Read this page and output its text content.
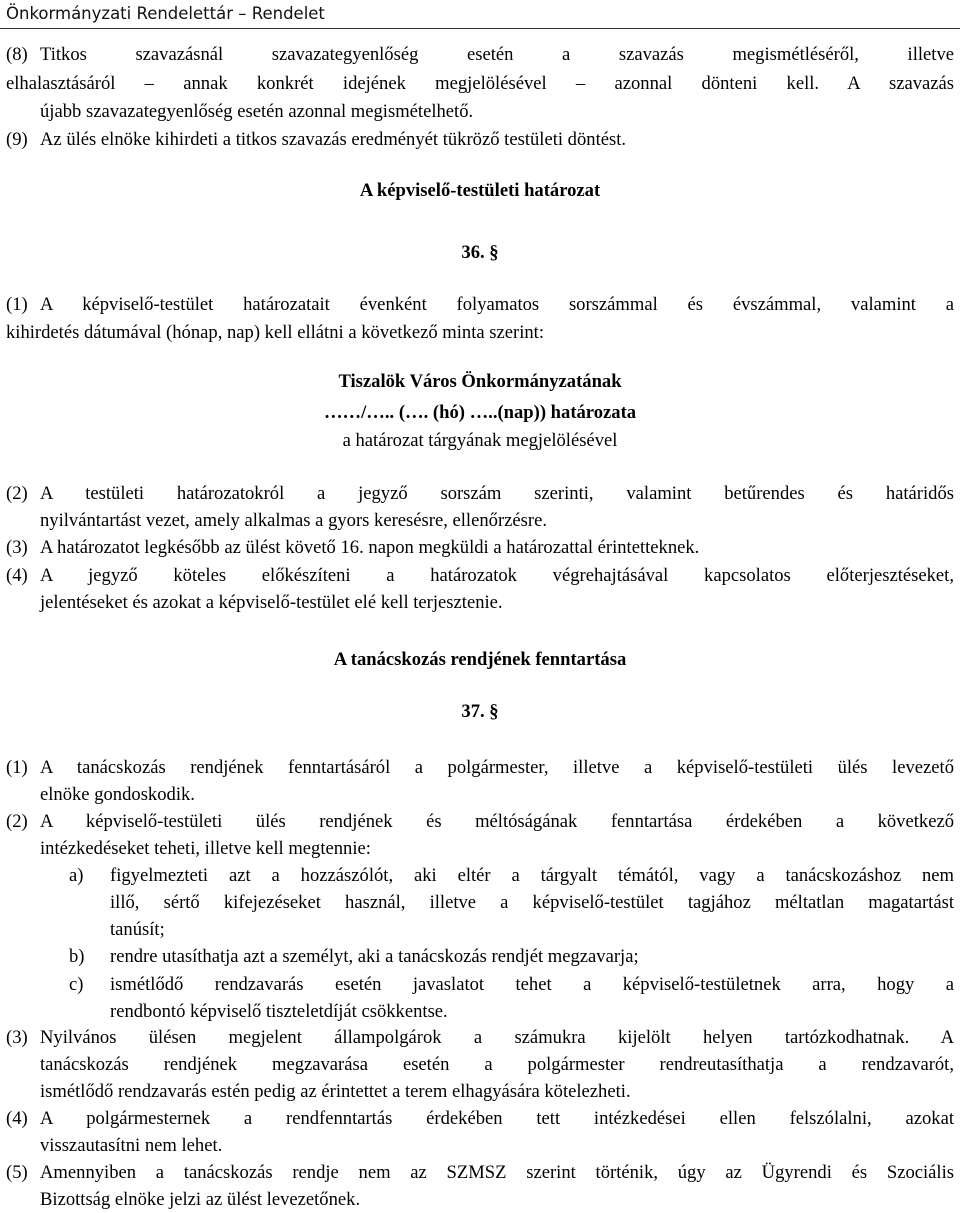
Önkormányzati Rendelettár – Rendelet
(8) Titkos szavazásnál szavazategyenlőség esetén a szavazás megismétléséről, illetve
elhalasztásáról – annak konkrét idejének megjelölésével – azonnal dönteni kell. A szavazás
újabb szavazategyenlőség esetén azonnal megismételhető.
(9) Az ülés elnöke kihirdeti a titkos szavazás eredményét tükröző testületi döntést.
A képviselő-testületi határozat
36. §
(1) A képviselő-testület határozatait évenként folyamatos sorszámmal és évszámmal, valamint a
kihirdetés dátumával (hónap, nap) kell ellátni a következő minta szerint:
Tiszalök Város Önkormányzatának
……/….. (…. (hó) …..(nap)) határozata
a határozat tárgyának megjelölésével
(2) A testületi határozatokról a jegyző sorszám szerinti, valamint betűrendes és határidős
nyilvántartást vezet, amely alkalmas a gyors keresésre, ellenőrzésre.
(3) A határozatot legkésőbb az ülést követő 16. napon megküldi a határozattal érintetteknek.
(4) A jegyző köteles előkészíteni a határozatok végrehajtásával kapcsolatos előterjesztéseket,
jelentéseket és azokat a képviselő-testület elé kell terjesztenie.
A tanácskozás rendjének fenntartása
37. §
(1) A tanácskozás rendjének fenntartásáról a polgármester, illetve a képviselő-testületi ülés levezető
elnöke gondoskodik.
(2) A képviselő-testületi ülés rendjének és méltóságának fenntartása érdekében a következő
intézkedéseket teheti, illetve kell megtennie:
a) figyelmezteti azt a hozzászólót, aki eltér a tárgyalt témától, vagy a tanácskozáshoz nem
illő, sértő kifejezéseket használ, illetve a képviselő-testület tagjához méltatlan magatartást
tanúsít;
b) rendre utasíthatja azt a személyt, aki a tanácskozás rendjét megzavarja;
c) ismétlődő rendzavarás esetén javaslatot tehet a képviselő-testületnek arra, hogy a
rendbontó képviselő tiszteletdíját csökkentse.
(3) Nyilvános ülésen megjelent állampolgárok a számukra kijelölt helyen tartózkodhatnak. A
tanácskozás rendjének megzavarása esetén a polgármester rendreutasíthatja a rendzavarót,
ismétlődő rendzavarás estén pedig az érintettet a terem elhagyására kötelezheti.
(4) A polgármesternek a rendfenntartás érdekében tett intézkedései ellen felszólalni, azokat
visszautasítni nem lehet.
(5) Amennyiben a tanácskozás rendje nem az SZMSZ szerint történik, úgy az Ügyrendi és Szociális
Bizottság elnöke jelzi az ülést levezetőnek.
